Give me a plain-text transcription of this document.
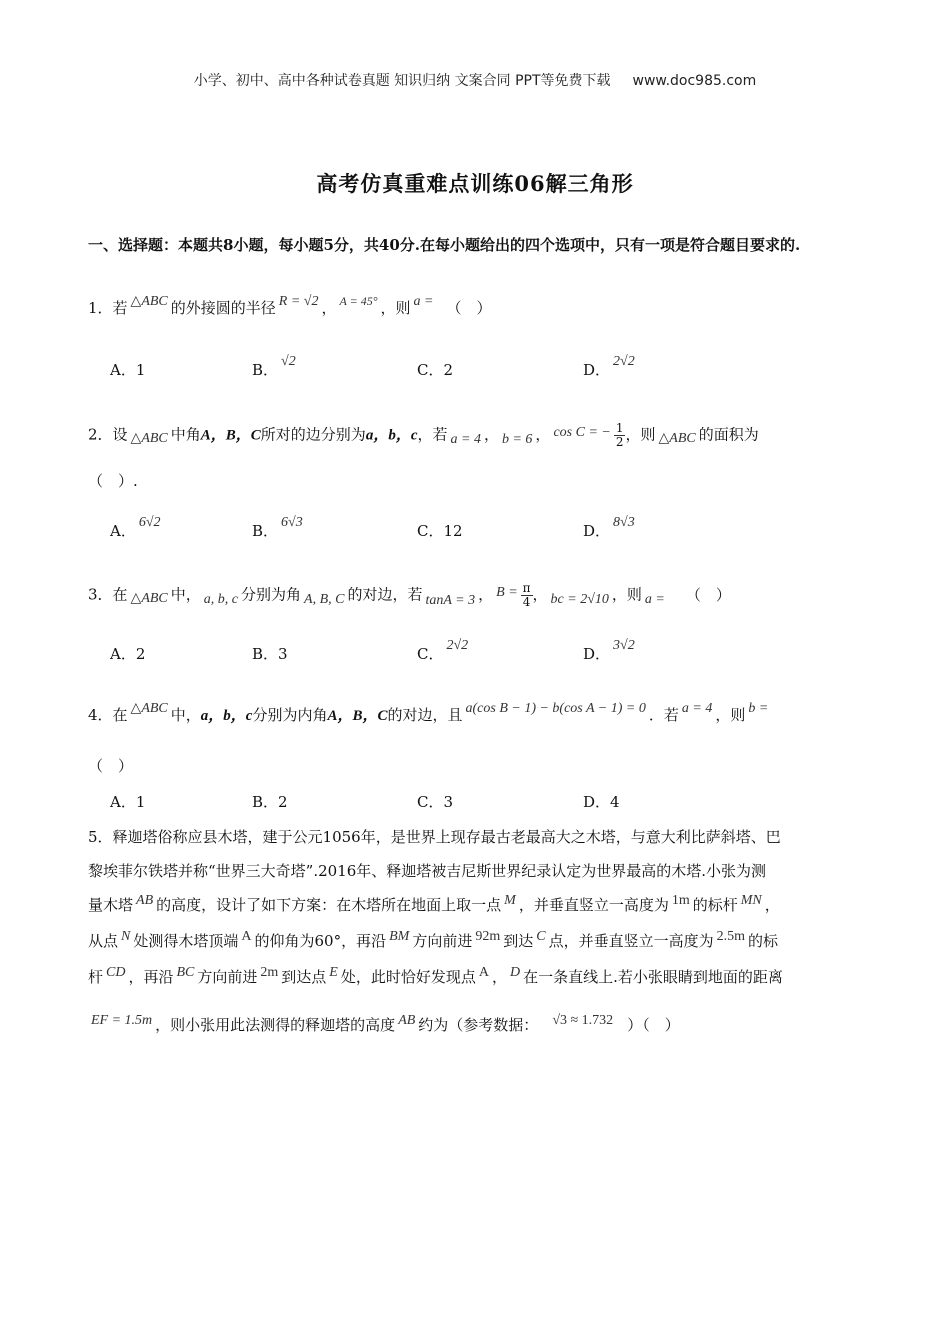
小学、初中、高中各种试卷真题 知识归纳 文案合同 PPT等免费下载 www.doc985.com
高考仿真重难点训练06解三角形
一、选择题：本题共8小题，每小题5分，共40分.在每小题给出的四个选项中，只有一项是符合题目要求的.
1．若 △ABC 的外接圆的半径 R = √2 ， $^{A = 45^\circ}$ ，则 a = （　）
A．1	B． √2	C．2	D． 2√2
2．设 △ABC 中角A，B，C所对的边分别为a，b，c，若 a = 4 ， b = 6 ， cos C = − $\frac{1}{2}$ ，则 △ABC 的面积为
（　）.
A． 6√2	B． 6√3	C．12	D． 8√3
3．在 △ABC 中， a, b, c 分别为角 A, B, C 的对边，若 tanA = 3 ， $B = \frac{\pi}{4}$ ， bc = 2√10 ，则 a = （　）
A．2	B．3	C． 2√2	D． 3√2
4．在 △ABC 中，a，b，c分别为内角A，B，C的对边，且 a(cos B − 1) − b(cos A − 1) = 0 ．若 a = 4 ，则 b =
（　）
A．1	B．2	C．3	D．4
5．释迦塔俗称应县木塔，建于公元1056年，是世界上现存最古老最高大之木塔，与意大利比萨斜塔、巴
黎埃菲尔铁塔并称“世界三大奇塔”.2016年、释迦塔被吉尼斯世界纪录认定为世界最高的木塔.小张为测
量木塔 AB 的高度，设计了如下方案：在木塔所在地面上取一点 M ，并垂直竖立一高度为 1m 的标杆 MN ，
从点 N 处测得木塔顶端 A 的仰角为60°，再沿 BM 方向前进 92m 到达 C 点，并垂直竖立一高度为 2.5m 的标
杆 CD ，再沿 BC 方向前进 2m 到达点 E 处，此时恰好发现点 A ， D 在一条直线上.若小张眼睛到地面的距离
EF = 1.5m ，则小张用此法测得的释迦塔的高度 AB 约为（参考数据： √3 ≈ 1.732 ）（　）
